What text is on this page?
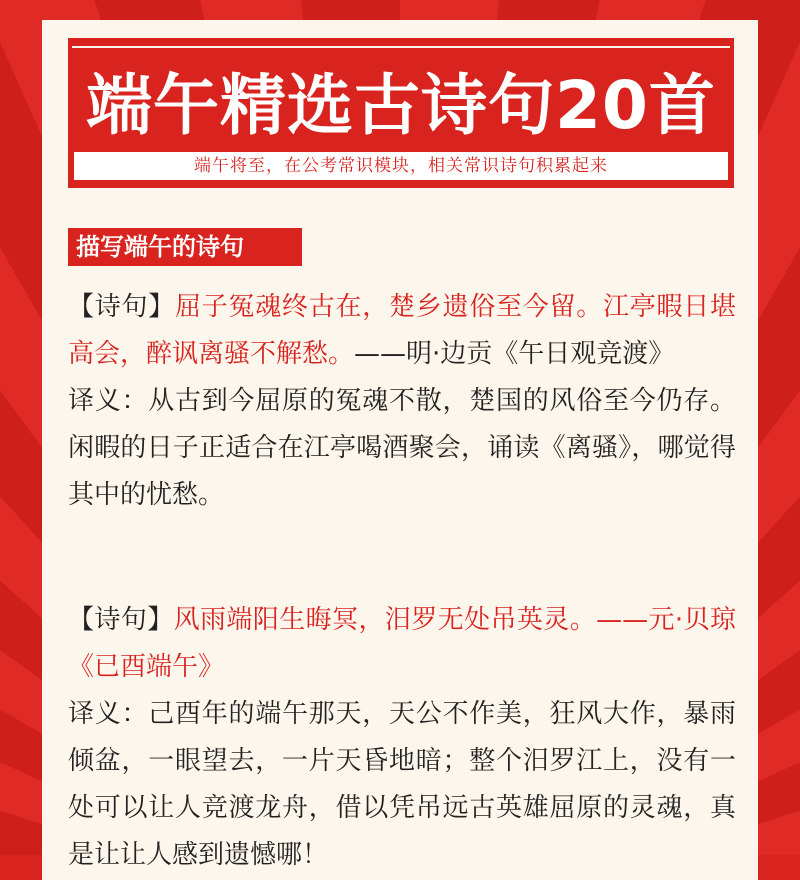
端午精选古诗句20首
端午将至，在公考常识模块，相关常识诗句积累起来
描写端午的诗句
【诗句】屈子冤魂终古在，楚乡遗俗至今留。江亭暇日堪高会，醉讽离骚不解愁。——明·边贡《午日观竞渡》
译义：从古到今屈原的冤魂不散，楚国的风俗至今仍存。闲暇的日子正适合在江亭喝酒聚会，诵读《离骚》，哪觉得其中的忧愁。
【诗句】风雨端阳生晦冥，汨罗无处吊英灵。——元·贝琼《已酉端午》
译义：己酉年的端午那天，天公不作美，狂风大作，暴雨倾盆，一眼望去，一片天昏地暗；整个汨罗江上，没有一处可以让人竞渡龙舟，借以凭吊远古英雄屈原的灵魂，真是让让人感到遗憾哪！
